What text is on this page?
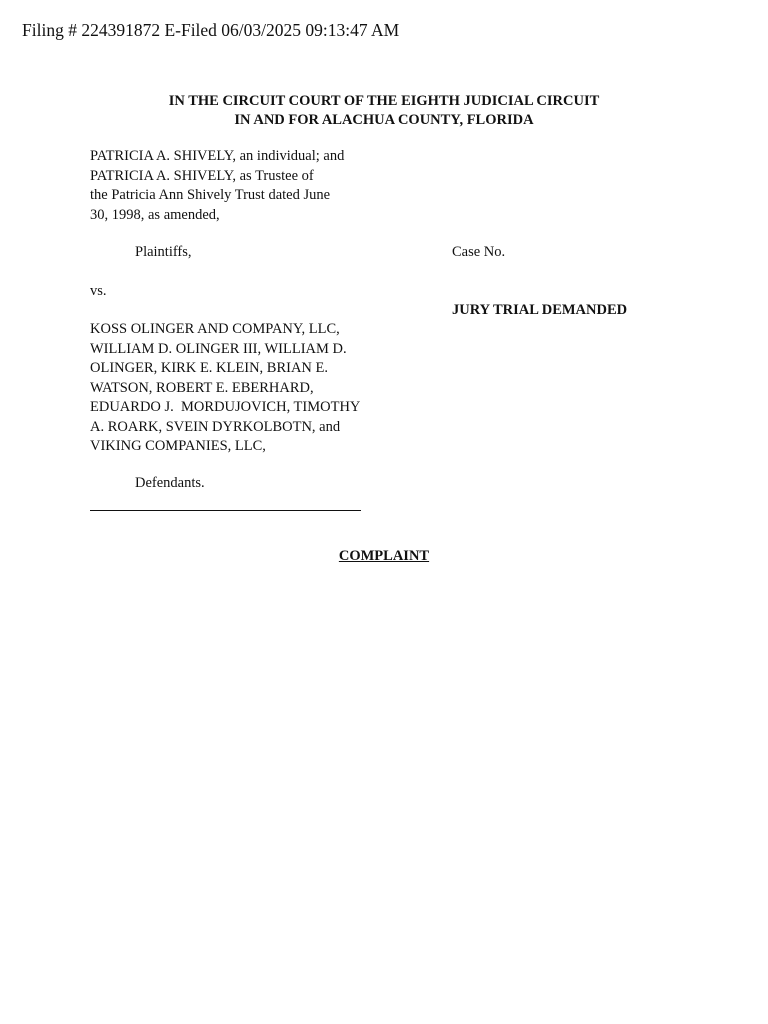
Filing # 224391872 E-Filed 06/03/2025 09:13:47 AM
IN THE CIRCUIT COURT OF THE EIGHTH JUDICIAL CIRCUIT
IN AND FOR ALACHUA COUNTY, FLORIDA
PATRICIA A. SHIVELY, an individual; and
PATRICIA A. SHIVELY, as Trustee of
the Patricia Ann Shively Trust dated June
30, 1998, as amended,
Plaintiffs,	Case No.
vs.
JURY TRIAL DEMANDED
KOSS OLINGER AND COMPANY, LLC,
WILLIAM D. OLINGER III, WILLIAM D.
OLINGER, KIRK E. KLEIN, BRIAN E.
WATSON, ROBERT E. EBERHARD,
EDUARDO J.  MORDUJOVICH, TIMOTHY
A. ROARK, SVEIN DYRKOLBOTN, and
VIKING COMPANIES, LLC,
Defendants.
COMPLAINT
